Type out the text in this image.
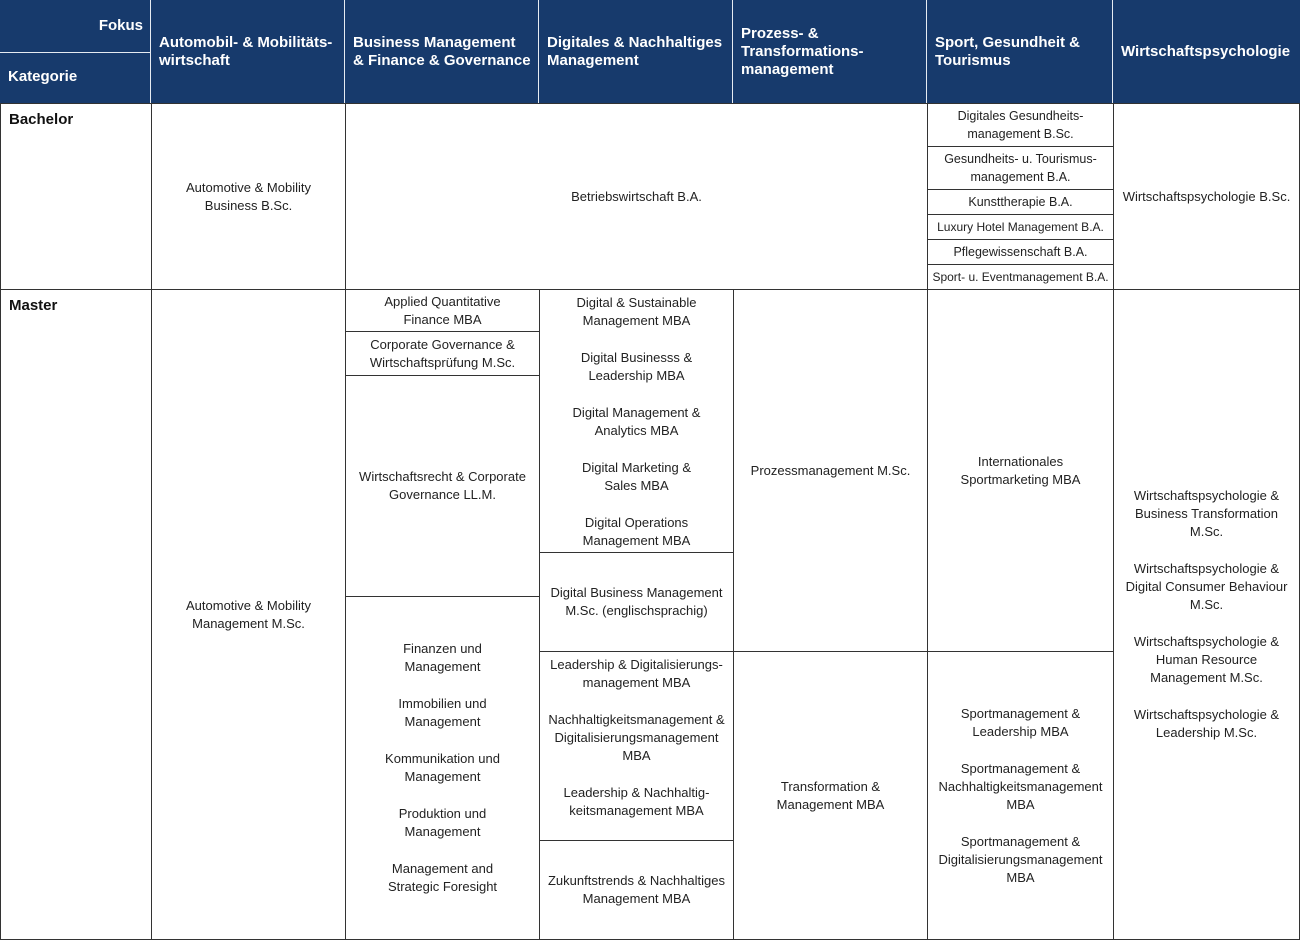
Fokus
Kategorie
Automobil- & Mobilitäts-
wirtschaft
Business Management
& Finance & Governance
Digitales & Nachhaltiges
Management
Prozess- &
Transformations-
management
Sport, Gesundheit &
Tourismus
Wirtschaftspsychologie
Bachelor
Automotive & Mobility
Business B.Sc.
Betriebswirtschaft B.A.
Digitales Gesundheits-
management B.Sc.
Gesundheits- u. Tourismus-
management B.A.
Kunsttherapie B.A.
Luxury Hotel Management B.A.
Pflegewissenschaft B.A.
Sport- u. Eventmanagement B.A.
Wirtschaftspsychologie B.Sc.
Master
Automotive & Mobility
Management M.Sc.
Applied Quantitative
Finance MBA
Corporate Governance &
Wirtschaftsprüfung M.Sc.
Wirtschaftsrecht & Corporate
Governance LL.M.
Finanzen und
Management
Immobilien und
Management
Kommunikation und
Management
Produktion und
Management
Management and
Strategic Foresight
Digital & Sustainable
Management MBA
Digital Businesss &
Leadership MBA
Digital Management &
Analytics MBA
Digital Marketing &
Sales MBA
Digital Operations
Management MBA
Digital Business Management
M.Sc. (englischsprachig)
Leadership & Digitalisierungs-
management MBA
Nachhaltigkeitsmanagement &
Digitalisierungsmanagement
MBA
Leadership & Nachhaltig-
keitsmanagement MBA
Zukunftstrends & Nachhaltiges
Management MBA
Prozessmanagement M.Sc.
Transformation &
Management MBA
Internationales
Sportmarketing MBA
Sportmanagement &
Leadership MBA
Sportmanagement &
Nachhaltigkeitsmanagement
MBA
Sportmanagement &
Digitalisierungsmanagement
MBA
Wirtschaftspsychologie &
Business Transformation
M.Sc.
Wirtschaftspsychologie &
Digital Consumer Behaviour
M.Sc.
Wirtschaftspsychologie &
Human Resource
Management M.Sc.
Wirtschaftspsychologie &
Leadership M.Sc.
